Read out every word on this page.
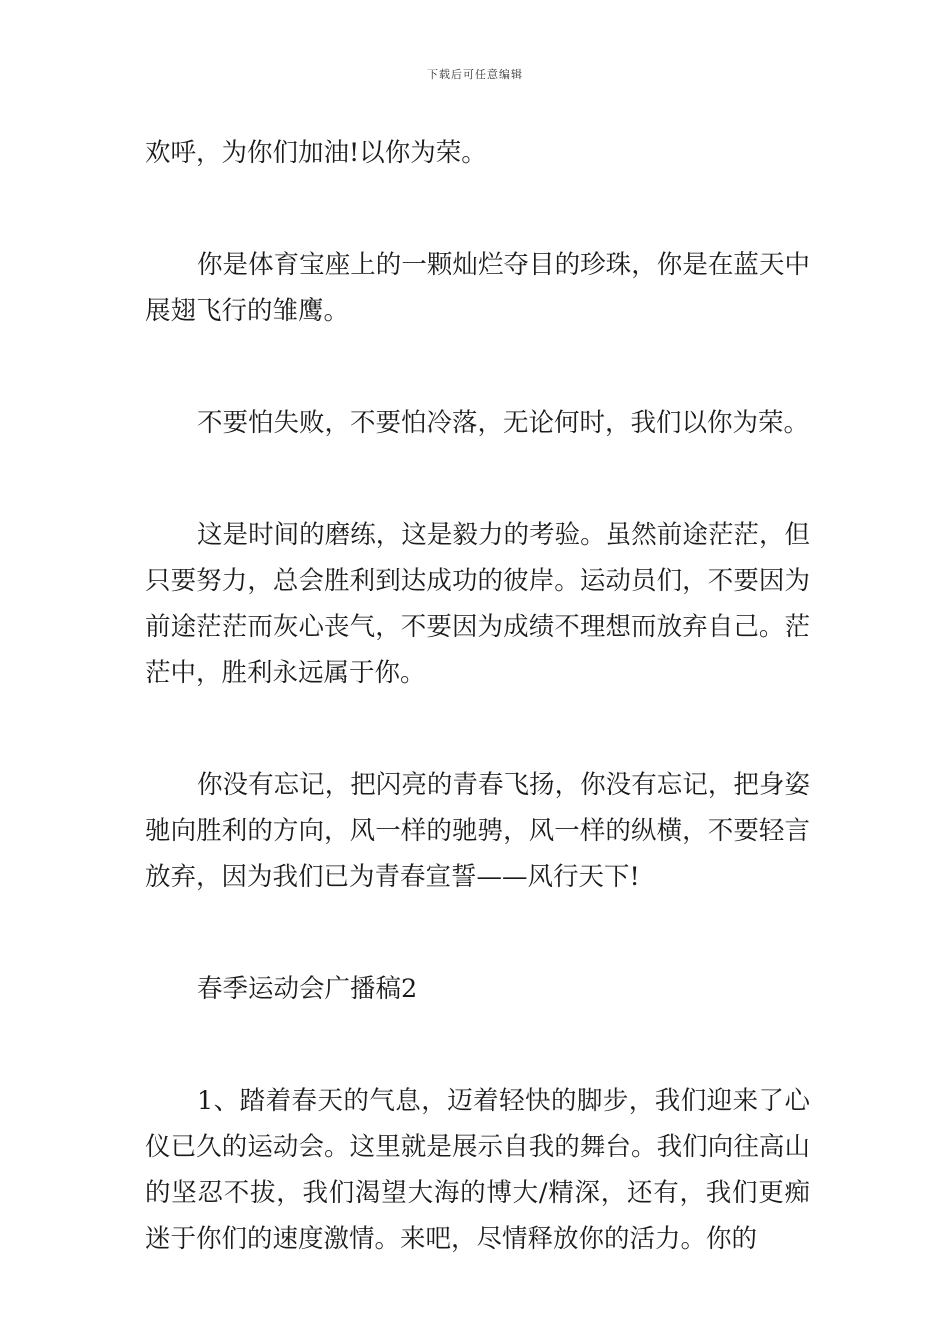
下载后可任意编辑

欢呼，为你们加油!以你为荣。

你是体育宝座上的一颗灿烂夺目的珍珠，你是在蓝天中展翅飞行的雏鹰。

不要怕失败，不要怕冷落，无论何时，我们以你为荣。

这是时间的磨练，这是毅力的考验。虽然前途茫茫，但只要努力，总会胜利到达成功的彼岸。运动员们，不要因为前途茫茫而灰心丧气，不要因为成绩不理想而放弃自己。茫茫中，胜利永远属于你。

你没有忘记，把闪亮的青春飞扬，你没有忘记，把身姿驰向胜利的方向，风一样的驰骋，风一样的纵横，不要轻言放弃，因为我们已为青春宣誓——风行天下!

春季运动会广播稿2

1、踏着春天的气息，迈着轻快的脚步，我们迎来了心仪已久的运动会。这里就是展示自我的舞台。我们向往高山的坚忍不拔，我们渴望大海的博大/精深，还有，我们更痴迷于你们的速度激情。来吧，尽情释放你的活力。你的
